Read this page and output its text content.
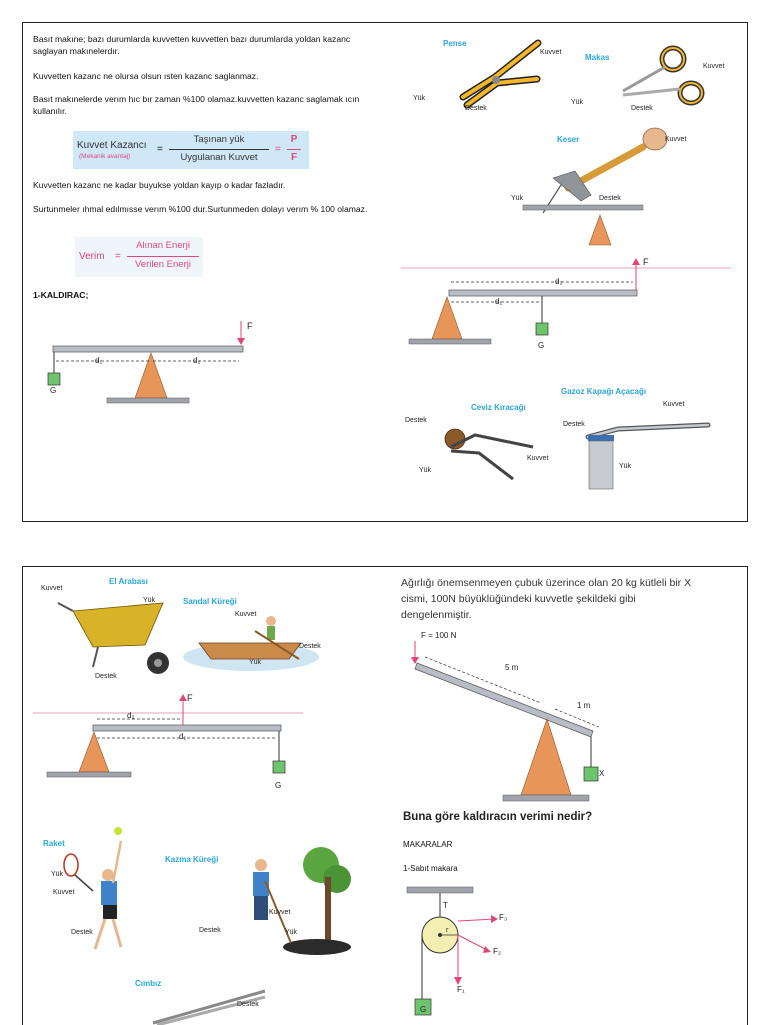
Basıt makıne; bazı durumlarda kuvvetten kuvvetten bazı durumlarda yoldan kazanc saglayan makınelerdır.
Kuvvetten kazanc ne olursa olsun ısten kazanc saglanmaz.
Basıt makınelerde verım hıc bır zaman %100 olamaz.kuvvetten kazanc saglamak ıcın kullanılır.
Kuvvet Kazancı
(Mekanik avantaj)
=
Taşınan yük
Uygulanan Kuvvet
=
P
F
Kuvvetten kazanc ne kadar buyukse yoldan kayıp o kadar fazladır.
Surtunmeler ıhmal edılmısse verım %100 dur.Surtunmeden dolayı verım % 100 olamaz.
Verim =
Alınan Enerji
Verilen Enerji
1-KALDIRAC;
d₁	d₂
F
G
Pense
Kuvvet
Yük
Destek
Makas
Kuvvet
Yük
Destek
Keser	Kuvvet
Yük	Destek
d₂
d₁
F
G
Ceviz Kıracağı
Destek
Yük
Kuvvet
Gazoz Kapağı Açacağı
Kuvvet
Destek
Yük
El Arabası
Kuvvet
Yük
Destek
Sandal Küreği
Kuvvet
Destek
Yük
d₂
d₁
F
G
Raket
Yük
Kuvvet
Destek
Kazma Küreği
Destek
Kuvvet
Yük
Cımbız
Destek
Ağırlığı önemsenmeyen çubuk üzerince olan 20 kg kütleli bir X cismi, 100N büyüklüğündeki kuvvetle şekildeki gibi dengelenmiştir.
F = 100 N
5 m
1 m
X
Buna göre kaldıracın verimi nedir?
MAKARALAR
1-Sabıt makara
T
r
F₃
F₂
F₁
G
